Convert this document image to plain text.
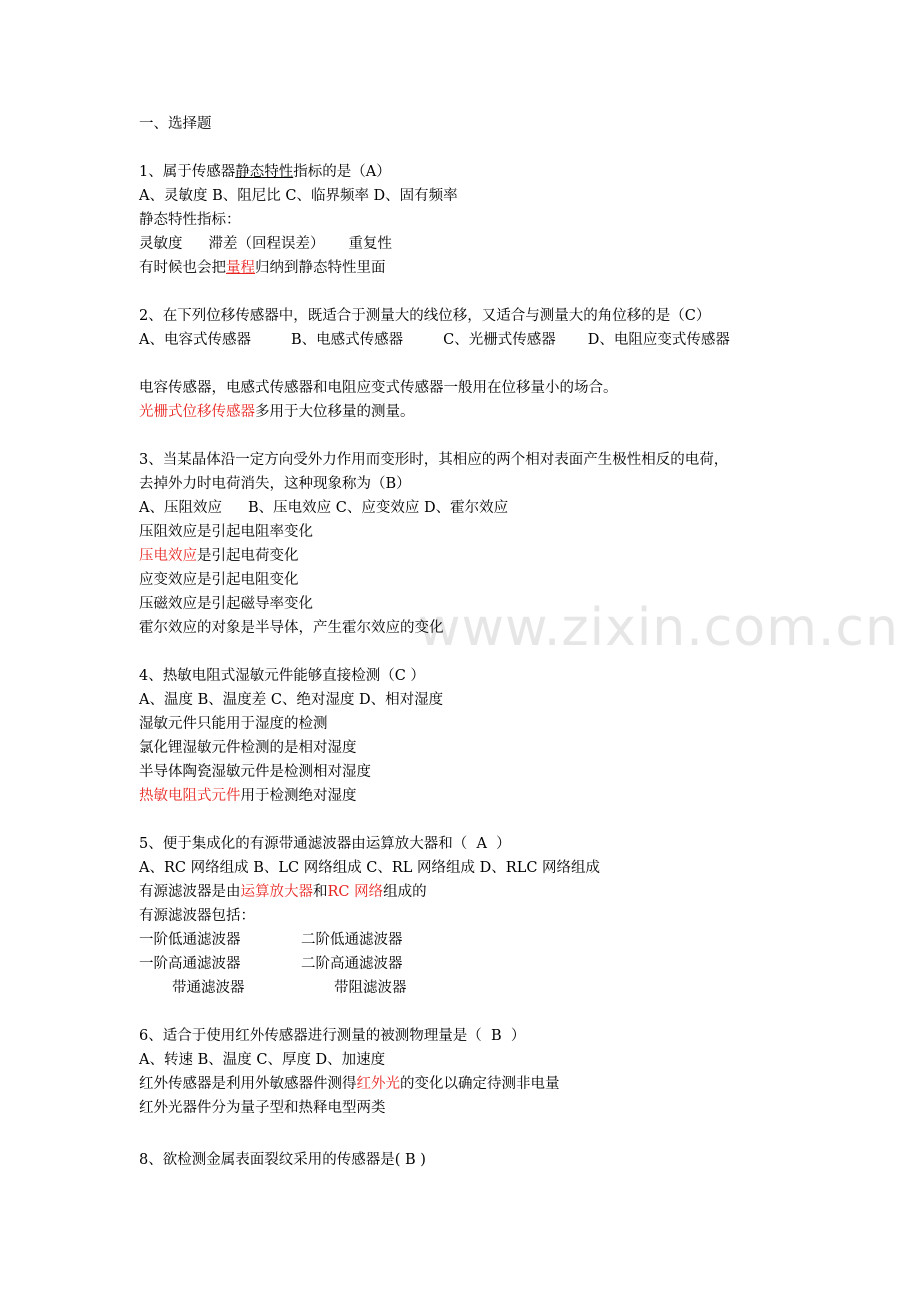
www.zixin.com.cn
一、选择题
1、属于传感器静态特性指标的是（A）
A、灵敏度 B、阻尼比 C、临界频率 D、固有频率
静态特性指标：
灵敏度 滞差（回程误差） 重复性
有时候也会把量程归纳到静态特性里面
2、在下列位移传感器中，既适合于测量大的线位移，又适合与测量大的角位移的是（C）
A、电容式传感器	B、电感式传感器	C、光栅式传感器 D、电阻应变式传感器
电容传感器，电感式传感器和电阻应变式传感器一般用在位移量小的场合。
光栅式位移传感器多用于大位移量的测量。
3、当某晶体沿一定方向受外力作用而变形时，其相应的两个相对表面产生极性相反的电荷，
去掉外力时电荷消失，这种现象称为（B）
A、压阻效应 B、压电效应 C、应变效应 D、霍尔效应
压阻效应是引起电阻率变化
压电效应是引起电荷变化
应变效应是引起电阻变化
压磁效应是引起磁导率变化
霍尔效应的对象是半导体，产生霍尔效应的变化
4、热敏电阻式湿敏元件能够直接检测（C ）
A、温度 B、温度差 C、绝对湿度 D、相对湿度
湿敏元件只能用于湿度的检测
氯化锂湿敏元件检测的是相对湿度
半导体陶瓷湿敏元件是检测相对湿度
热敏电阻式元件用于检测绝对湿度
5、便于集成化的有源带通滤波器由运算放大器和（  A  ）
A、RC 网络组成 B、LC 网络组成 C、RL 网络组成 D、RLC 网络组成
有源滤波器是由运算放大器和RC 网络组成的
有源滤波器包括：
一阶低通滤波器	二阶低通滤波器
一阶高通滤波器	二阶高通滤波器
带通滤波器	带阻滤波器
6、适合于使用红外传感器进行测量的被测物理量是（  B  ）
A、转速 B、温度 C、厚度 D、加速度
红外传感器是利用外敏感器件测得红外光的变化以确定待测非电量
红外光器件分为量子型和热释电型两类
8、欲检测金属表面裂纹采用的传感器是( B )
